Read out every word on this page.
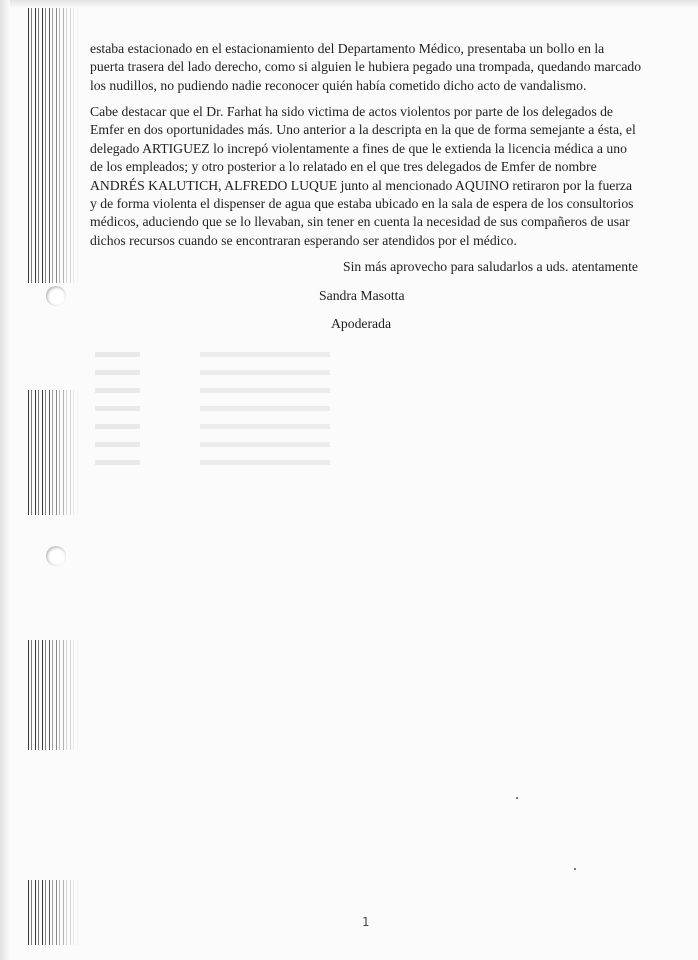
estaba estacionado en el estacionamiento del Departamento Médico, presentaba un bollo en la
puerta trasera del lado derecho, como si alguien le hubiera pegado una trompada, quedando marcado
los nudillos, no pudiendo nadie reconocer quién había cometido dicho acto de vandalismo.

Cabe destacar que el Dr. Farhat ha sido victima de actos violentos por parte de los delegados de
Emfer en dos oportunidades más. Uno anterior a la descripta en la que de forma semejante a ésta, el
delegado ARTIGUEZ lo increpó violentamente a fines de que le extienda la licencia médica a uno
de los empleados; y otro posterior a lo relatado en el que tres delegados de Emfer de nombre
ANDRÉS KALUTICH, ALFREDO LUQUE junto al mencionado AQUINO retiraron por la fuerza
y de forma violenta el dispenser de agua que estaba ubicado en la sala de espera de los consultorios
médicos, aduciendo que se lo llevaban, sin tener en cuenta la necesidad de sus compañeros de usar
dichos recursos cuando se encontraran esperando ser atendidos por el médico.

Sin más aprovecho para saludarlos a uds. atentamente

Sandra Masotta

Apoderada

1
